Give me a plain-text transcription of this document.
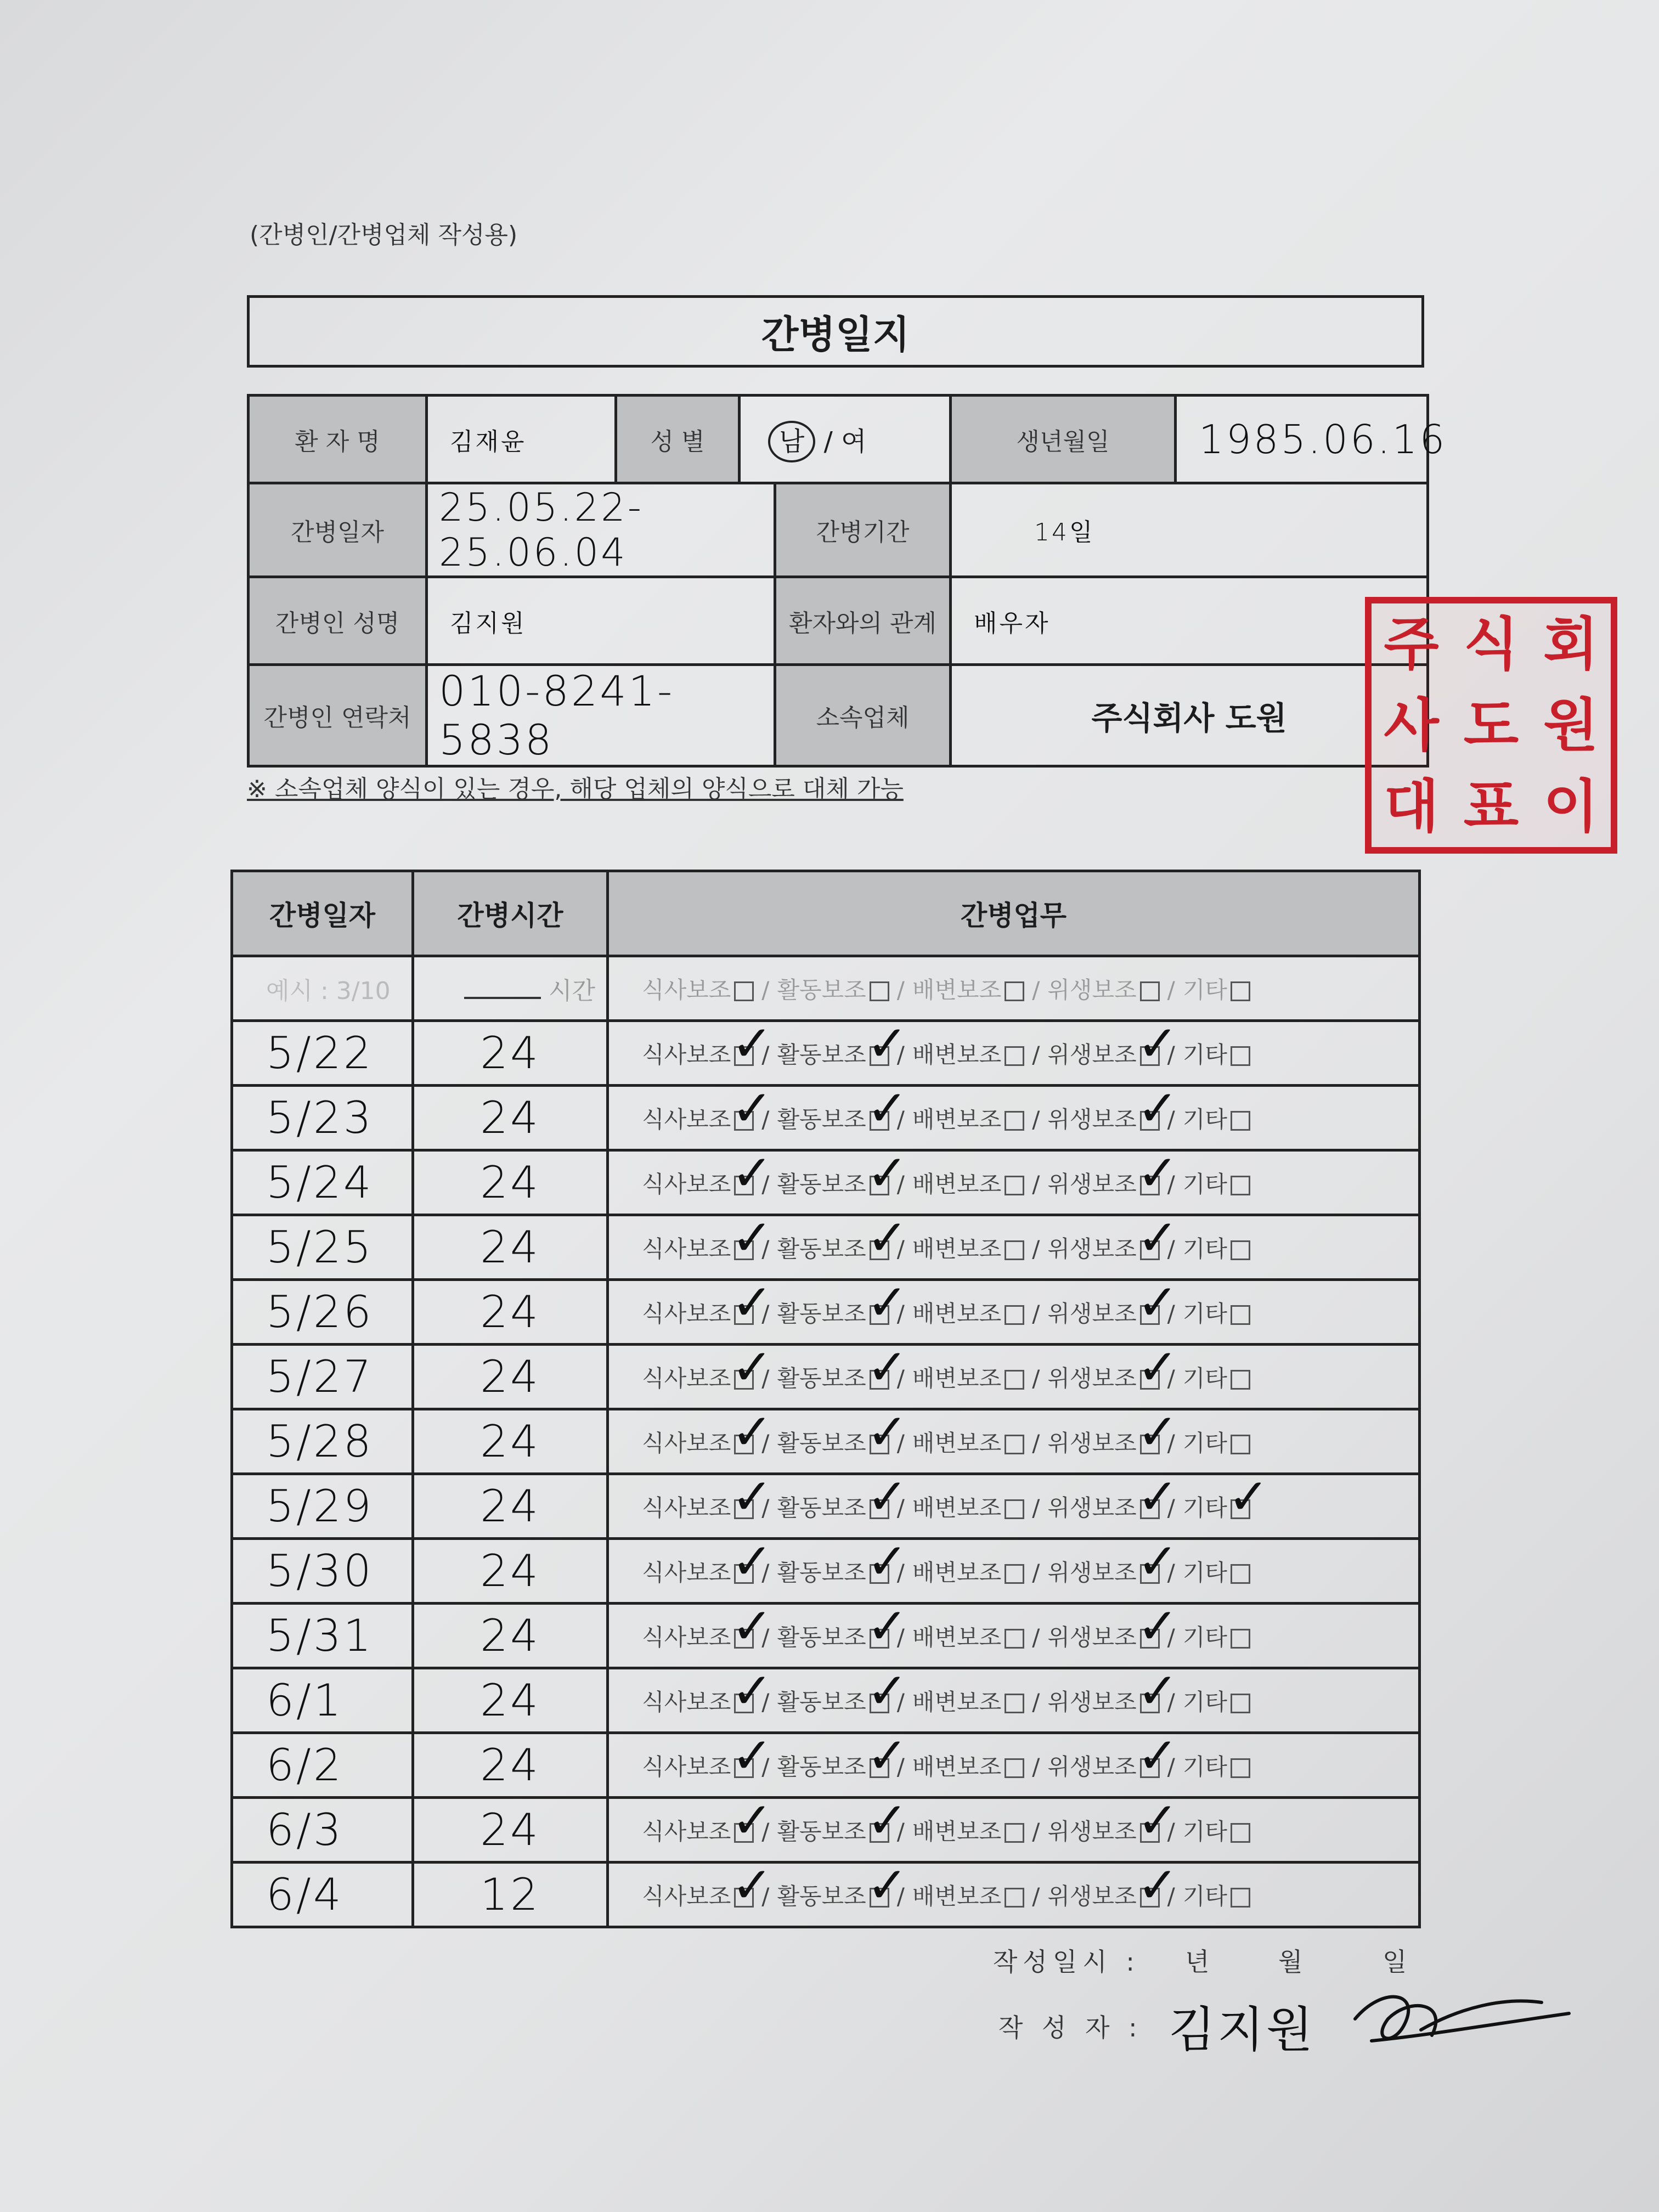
(간병인/간병업체 작성용)
간병일지
환 자 명	김재윤	성 별	남 / 여		생년월일	1985.06.16
간병일자	25.05.22-25.06.04			간병기간	14일	
간병인 성명	김지원			환자와의 관계	배우자	
간병인 연락처	010-8241-5838			소속업체	주식회사 도원	
※ 소속업체 양식이 있는 경우, 해당 업체의 양식으로 대체 가능
주 식 회
사 도 원
대 표 이
간병일자	간병시간	간병업무
예시 : 3/10	시간	식사보조 / 활동보조 / 배변보조 / 위생보조 / 기타
5/22	24	식사보조 ✓ / 활동보조 ✓ / 배변보조 / 위생보조 ✓ / 기타
5/23	24	식사보조 ✓ / 활동보조 ✓ / 배변보조 / 위생보조 ✓ / 기타
5/24	24	식사보조 ✓ / 활동보조 ✓ / 배변보조 / 위생보조 ✓ / 기타
5/25	24	식사보조 ✓ / 활동보조 ✓ / 배변보조 / 위생보조 ✓ / 기타
5/26	24	식사보조 ✓ / 활동보조 ✓ / 배변보조 / 위생보조 ✓ / 기타
5/27	24	식사보조 ✓ / 활동보조 ✓ / 배변보조 / 위생보조 ✓ / 기타
5/28	24	식사보조 ✓ / 활동보조 ✓ / 배변보조 / 위생보조 ✓ / 기타
5/29	24	식사보조 ✓ / 활동보조 ✓ / 배변보조 / 위생보조 ✓ / 기타✓
5/30	24	식사보조 ✓ / 활동보조 ✓ / 배변보조 / 위생보조 ✓ / 기타
5/31	24	식사보조 ✓ / 활동보조 ✓ / 배변보조 / 위생보조 ✓ / 기타
6/1	24	식사보조 ✓ / 활동보조 ✓ / 배변보조 / 위생보조 ✓ / 기타
6/2	24	식사보조 ✓ / 활동보조 ✓ / 배변보조 / 위생보조 ✓ / 기타
6/3	24	식사보조 ✓ / 활동보조 ✓ / 배변보조 / 위생보조 ✓ / 기타
6/4	12	식사보조 ✓ / 활동보조 ✓ / 배변보조 / 위생보조 ✓ / 기타
작성일시 : 년	월	일
작 성 자 : 김지원
